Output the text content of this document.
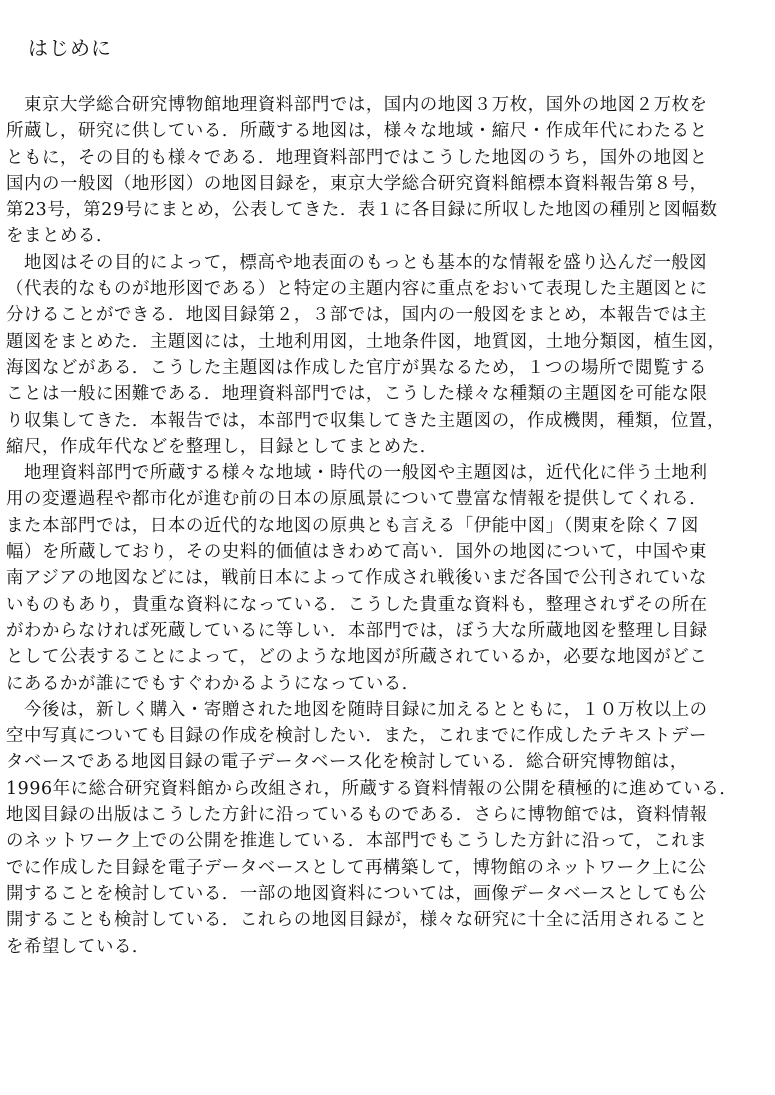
はじめに

　東京大学総合研究博物館地理資料部門では，国内の地図３万枚，国外の地図２万枚を
所蔵し，研究に供している．所蔵する地図は，様々な地域・縮尺・作成年代にわたると
ともに，その目的も様々である．地理資料部門ではこうした地図のうち，国外の地図と
国内の一般図（地形図）の地図目録を，東京大学総合研究資料館標本資料報告第８号，
第23号，第29号にまとめ，公表してきた．表１に各目録に所収した地図の種別と図幅数
をまとめる．

　地図はその目的によって，標高や地表面のもっとも基本的な情報を盛り込んだ一般図
（代表的なものが地形図である）と特定の主題内容に重点をおいて表現した主題図とに
分けることができる．地図目録第２，３部では，国内の一般図をまとめ，本報告では主
題図をまとめた．主題図には，土地利用図，土地条件図，地質図，土地分類図，植生図，
海図などがある．こうした主題図は作成した官庁が異なるため，１つの場所で閲覧する
ことは一般に困難である．地理資料部門では，こうした様々な種類の主題図を可能な限
り収集してきた．本報告では，本部門で収集してきた主題図の，作成機関，種類，位置，
縮尺，作成年代などを整理し，目録としてまとめた．

　地理資料部門で所蔵する様々な地域・時代の一般図や主題図は，近代化に伴う土地利
用の変遷過程や都市化が進む前の日本の原風景について豊富な情報を提供してくれる．
また本部門では，日本の近代的な地図の原典とも言える「伊能中図」（関東を除く７図
幅）を所蔵しており，その史料的価値はきわめて高い．国外の地図について，中国や東
南アジアの地図などには，戦前日本によって作成され戦後いまだ各国で公刊されていな
いものもあり，貴重な資料になっている．こうした貴重な資料も，整理されずその所在
がわからなければ死蔵しているに等しい．本部門では，ぼう大な所蔵地図を整理し目録
として公表することによって，どのような地図が所蔵されているか，必要な地図がどこ
にあるかが誰にでもすぐわかるようになっている．

　今後は，新しく購入・寄贈された地図を随時目録に加えるとともに，１０万枚以上の
空中写真についても目録の作成を検討したい．また，これまでに作成したテキストデー
タベースである地図目録の電子データベース化を検討している．総合研究博物館は，
1996年に総合研究資料館から改組され，所蔵する資料情報の公開を積極的に進めている．
地図目録の出版はこうした方針に沿っているものである．さらに博物館では，資料情報
のネットワーク上での公開を推進している．本部門でもこうした方針に沿って，これま
でに作成した目録を電子データベースとして再構築して，博物館のネットワーク上に公
開することを検討している．一部の地図資料については，画像データベースとしても公
開することも検討している．これらの地図目録が，様々な研究に十全に活用されること
を希望している．
